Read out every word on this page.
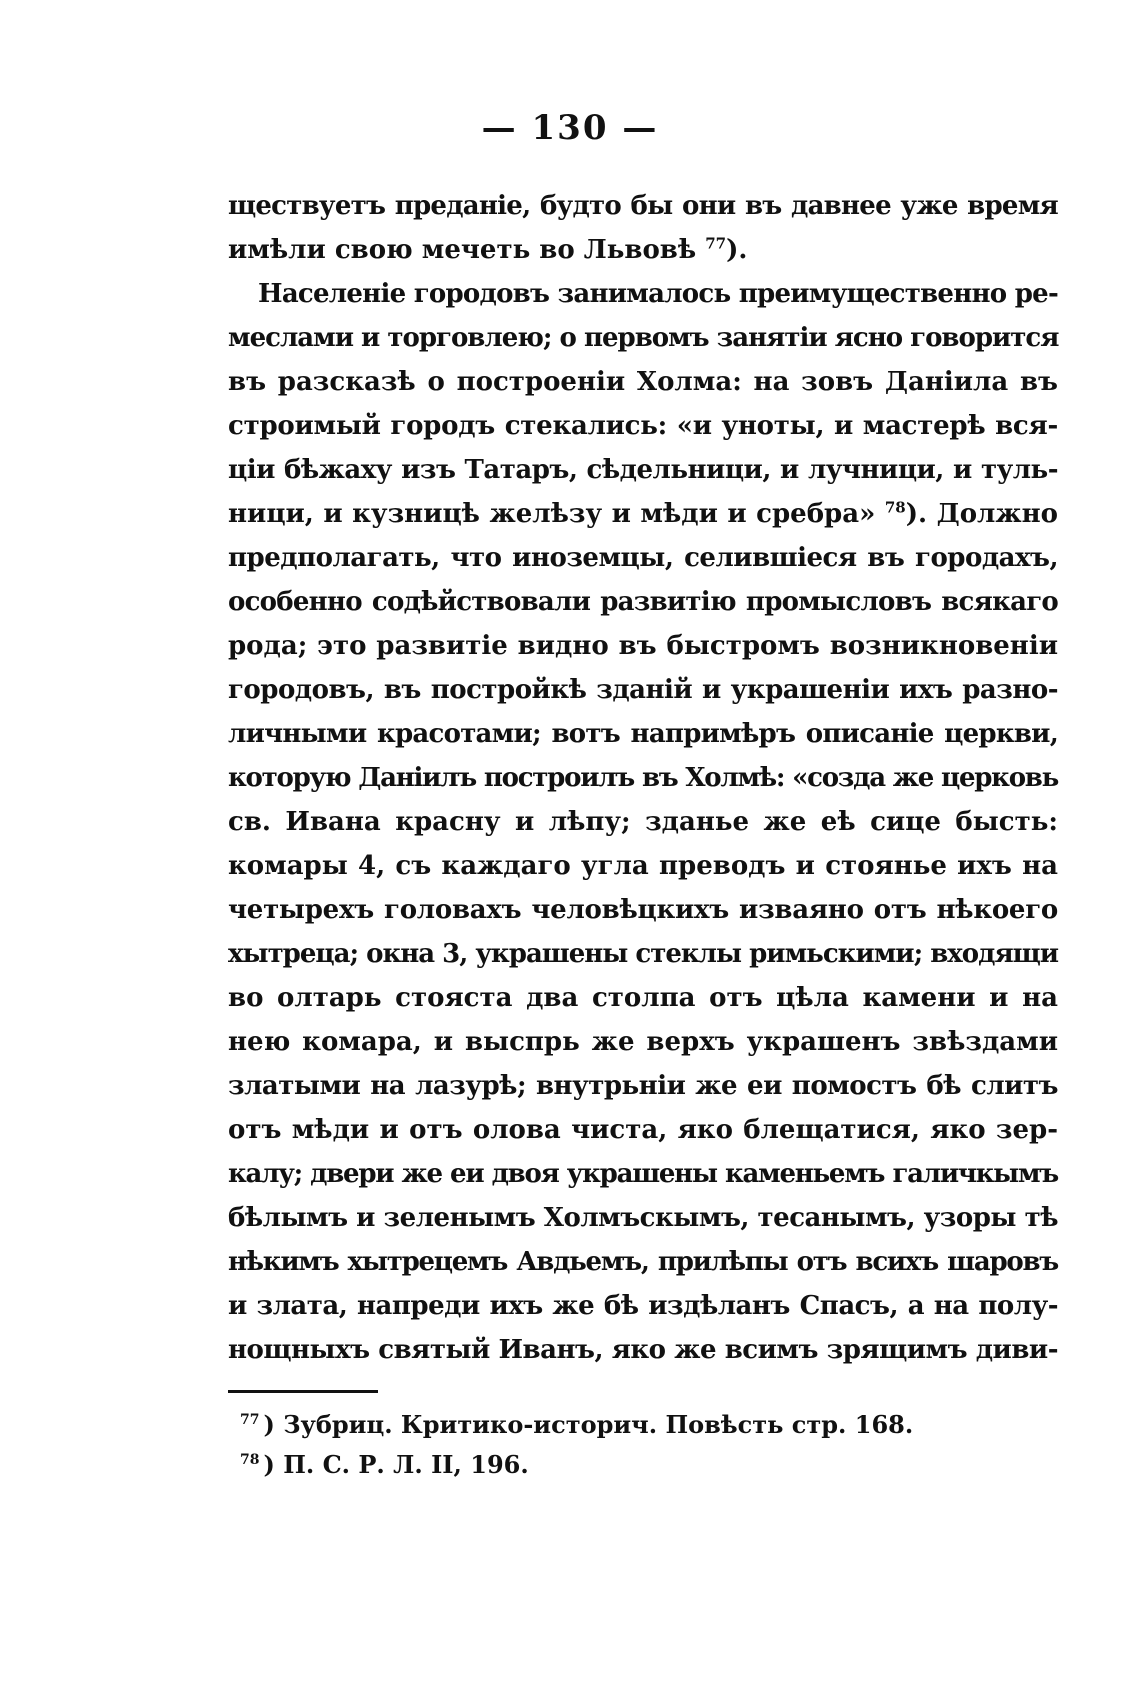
— 130 —
ществуетъ преданіе, будто бы они въ давнее уже время
имѣли свою мечеть во Львовѣ $^{77}$).
Населеніе городовъ занималось преимущественно ре-
меслами и торговлею; о первомъ занятіи ясно говорится
въ разсказѣ о построеніи Холма: на зовъ Даніила въ
строимый городъ стекались: «и уноты, и мастерѣ вся-
ціи бѣжаху изъ Татаръ, сѣдельници, и лучници, и туль-
ници, и кузницѣ желѣзу и мѣди и сребра» $^{78}$). Должно
предполагать, что иноземцы, селившіеся въ городахъ,
особенно содѣйствовали развитію промысловъ всякаго
рода; это развитіе видно въ быстромъ возникновеніи
городовъ, въ постройкѣ зданій и украшеніи ихъ разно-
личными красотами; вотъ напримѣръ описаніе церкви,
которую Даніилъ построилъ въ Холмѣ: «созда же церковь
св. Ивана красну и лѣпу; зданье же еѣ сице бысть:
комары 4, съ каждаго угла преводъ и стоянье ихъ на
четырехъ головахъ человѣцкихъ изваяно отъ нѣкоего
хытреца; окна 3, украшены стеклы римьскими; входящи
во олтарь стояста два столпа отъ цѣла камени и на
нею комара, и выспрь же верхъ украшенъ звѣздами
златыми на лазурѣ; внутрьніи же еи помостъ бѣ слитъ
отъ мѣди и отъ олова чиста, яко блещатися, яко зер-
калу; двери же еи двоя украшены каменьемъ галичкымъ
бѣлымъ и зеленымъ Холмъскымъ, тесанымъ, узоры тѣ
нѣкимъ хытрецемъ Авдьемъ, прилѣпы отъ всихъ шаровъ
и злата, напреди ихъ же бѣ издѣланъ Спасъ, а на полу-
нощныхъ святый Иванъ, яко же всимъ зрящимъ диви-
$^{77}$ ) Зубриц. Критико-историч. Повѣсть стр. 168.
$^{78}$ ) П. С. Р. Л. II, 196.
